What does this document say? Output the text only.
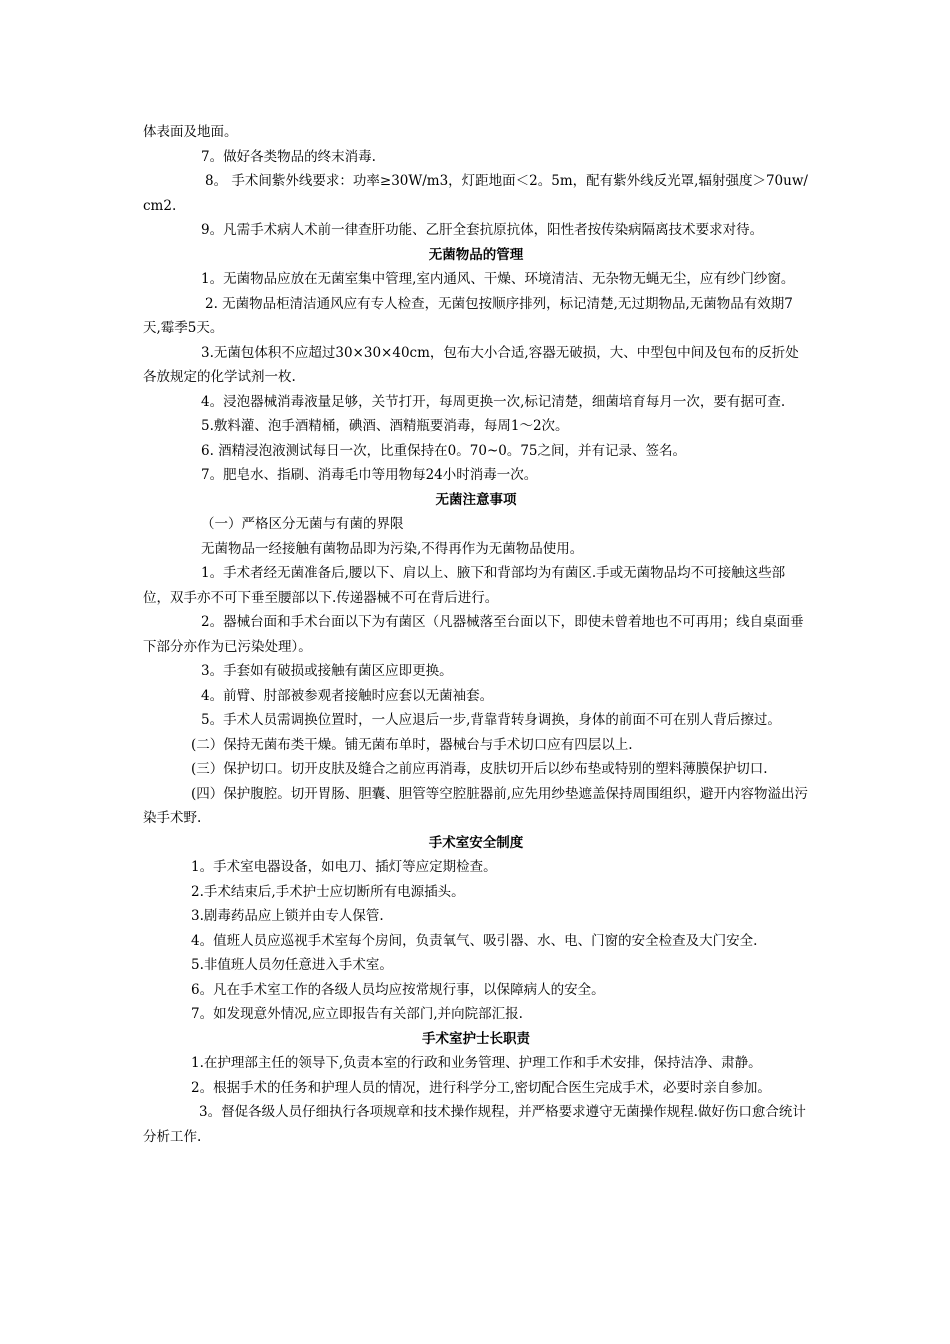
体表面及地面。

7。做好各类物品的终末消毒.

8。 手术间紫外线要求：功率≥30W/m3，灯距地面＜2。5m，配有紫外线反光罩,辐射强度＞70uw/cm2.

9。凡需手术病人术前一律查肝功能、乙肝全套抗原抗体，阳性者按传染病隔离技术要求对待。

无菌物品的管理

1。无菌物品应放在无菌室集中管理,室内通风、干燥、环境清洁、无杂物无蝇无尘，应有纱门纱窗。

2. 无菌物品柜清洁通风应有专人检查，无菌包按顺序排列，标记清楚,无过期物品,无菌物品有效期7天,霉季5天。

3.无菌包体积不应超过30×30×40cm，包布大小合适,容器无破损，大、中型包中间及包布的反折处各放规定的化学试剂一枚.

4。浸泡器械消毒液量足够，关节打开，每周更换一次,标记清楚，细菌培育每月一次，要有据可查.

5.敷料灌、泡手酒精桶，碘酒、酒精瓶要消毒，每周1～2次。

6. 酒精浸泡液测试每日一次，比重保持在0。70~0。75之间，并有记录、签名。

7。肥皂水、指刷、消毒毛巾等用物每24小时消毒一次。

无菌注意事项

（一）严格区分无菌与有菌的界限

无菌物品一经接触有菌物品即为污染,不得再作为无菌物品使用。

1。手术者经无菌准备后,腰以下、肩以上、腋下和背部均为有菌区.手或无菌物品均不可接触这些部位，双手亦不可下垂至腰部以下.传递器械不可在背后进行。

2。器械台面和手术台面以下为有菌区（凡器械落至台面以下，即使未曾着地也不可再用；线自桌面垂下部分亦作为已污染处理）。

3。手套如有破损或接触有菌区应即更换。

4。前臂、肘部被参观者接触时应套以无菌袖套。

5。手术人员需调换位置时，一人应退后一步,背靠背转身调换，身体的前面不可在别人背后擦过。

(二）保持无菌布类干燥。铺无菌布单时，器械台与手术切口应有四层以上.

(三）保护切口。切开皮肤及缝合之前应再消毒，皮肤切开后以纱布垫或特别的塑料薄膜保护切口.

(四）保护腹腔。切开胃肠、胆囊、胆管等空腔脏器前,应先用纱垫遮盖保持周围组织，避开内容物溢出污染手术野.

手术室安全制度

1。手术室电器设备，如电刀、插灯等应定期检查。

2.手术结束后,手术护士应切断所有电源插头。

3.剧毒药品应上锁并由专人保管.

4。值班人员应巡视手术室每个房间，负责氧气、吸引器、水、电、门窗的安全检查及大门安全.

5.非值班人员勿任意进入手术室。

6。凡在手术室工作的各级人员均应按常规行事，以保障病人的安全。

7。如发现意外情况,应立即报告有关部门,并向院部汇报.

手术室护士长职责

1.在护理部主任的领导下,负责本室的行政和业务管理、护理工作和手术安排，保持洁净、肃静。

2。根据手术的任务和护理人员的情况，进行科学分工,密切配合医生完成手术，必要时亲自参加。

3。督促各级人员仔细执行各项规章和技术操作规程，并严格要求遵守无菌操作规程.做好伤口愈合统计分析工作.
